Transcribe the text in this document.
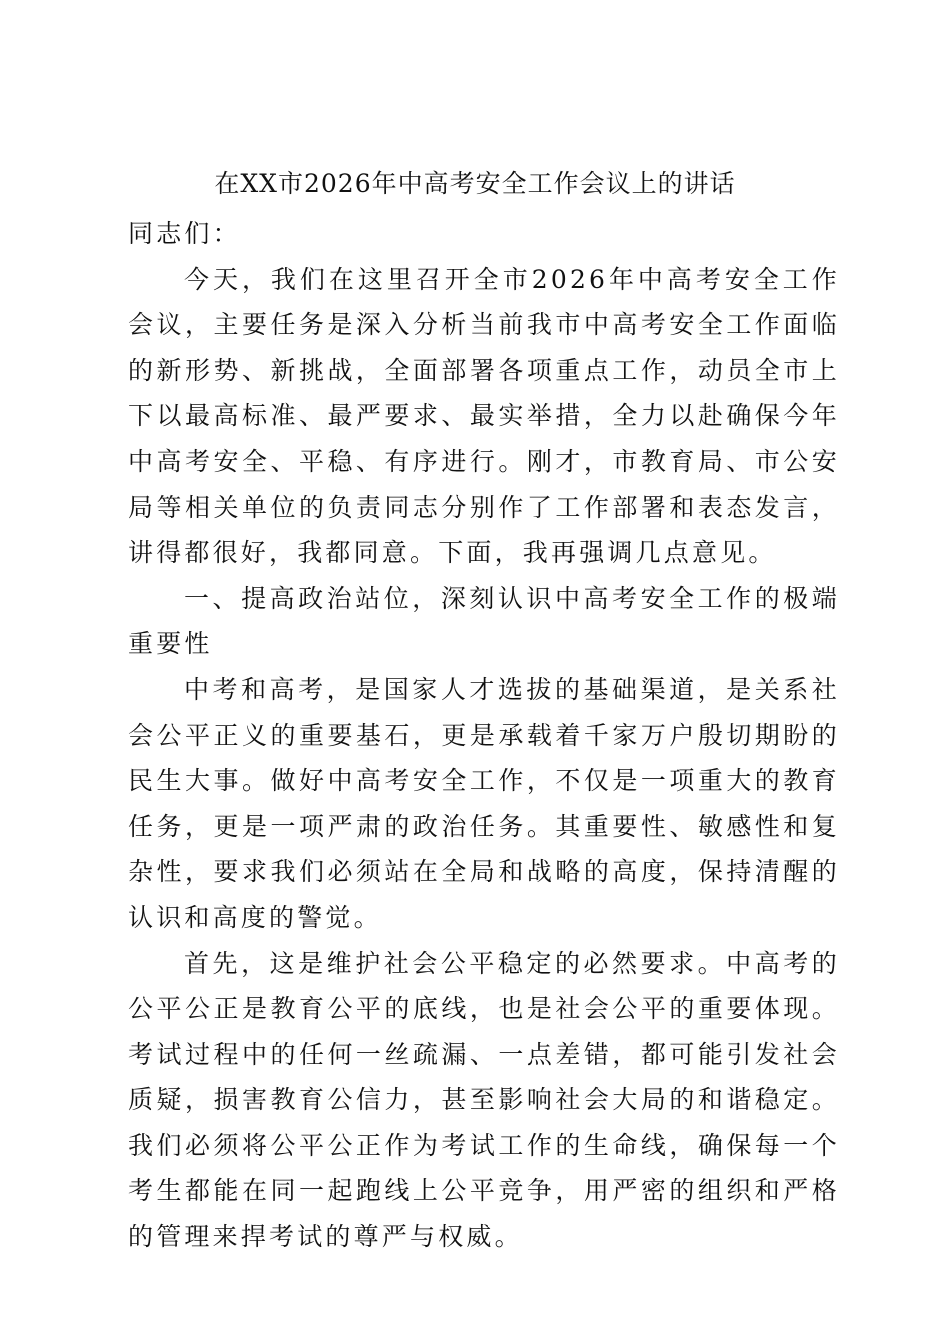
在XX市2026年中高考安全工作会议上的讲话

同志们：

今天，我们在这里召开全市2026年中高考安全工作会议，主要任务是深入分析当前我市中高考安全工作面临的新形势、新挑战，全面部署各项重点工作，动员全市上下以最高标准、最严要求、最实举措，全力以赴确保今年中高考安全、平稳、有序进行。刚才，市教育局、市公安局等相关单位的负责同志分别作了工作部署和表态发言，讲得都很好，我都同意。下面，我再强调几点意见。

一、提高政治站位，深刻认识中高考安全工作的极端重要性

中考和高考，是国家人才选拔的基础渠道，是关系社会公平正义的重要基石，更是承载着千家万户殷切期盼的民生大事。做好中高考安全工作，不仅是一项重大的教育任务，更是一项严肃的政治任务。其重要性、敏感性和复杂性，要求我们必须站在全局和战略的高度，保持清醒的认识和高度的警觉。

首先，这是维护社会公平稳定的必然要求。中高考的公平公正是教育公平的底线，也是社会公平的重要体现。考试过程中的任何一丝疏漏、一点差错，都可能引发社会质疑，损害教育公信力，甚至影响社会大局的和谐稳定。我们必须将公平公正作为考试工作的生命线，确保每一个考生都能在同一起跑线上公平竞争，用严密的组织和严格的管理来捍考试的尊严与权威。
